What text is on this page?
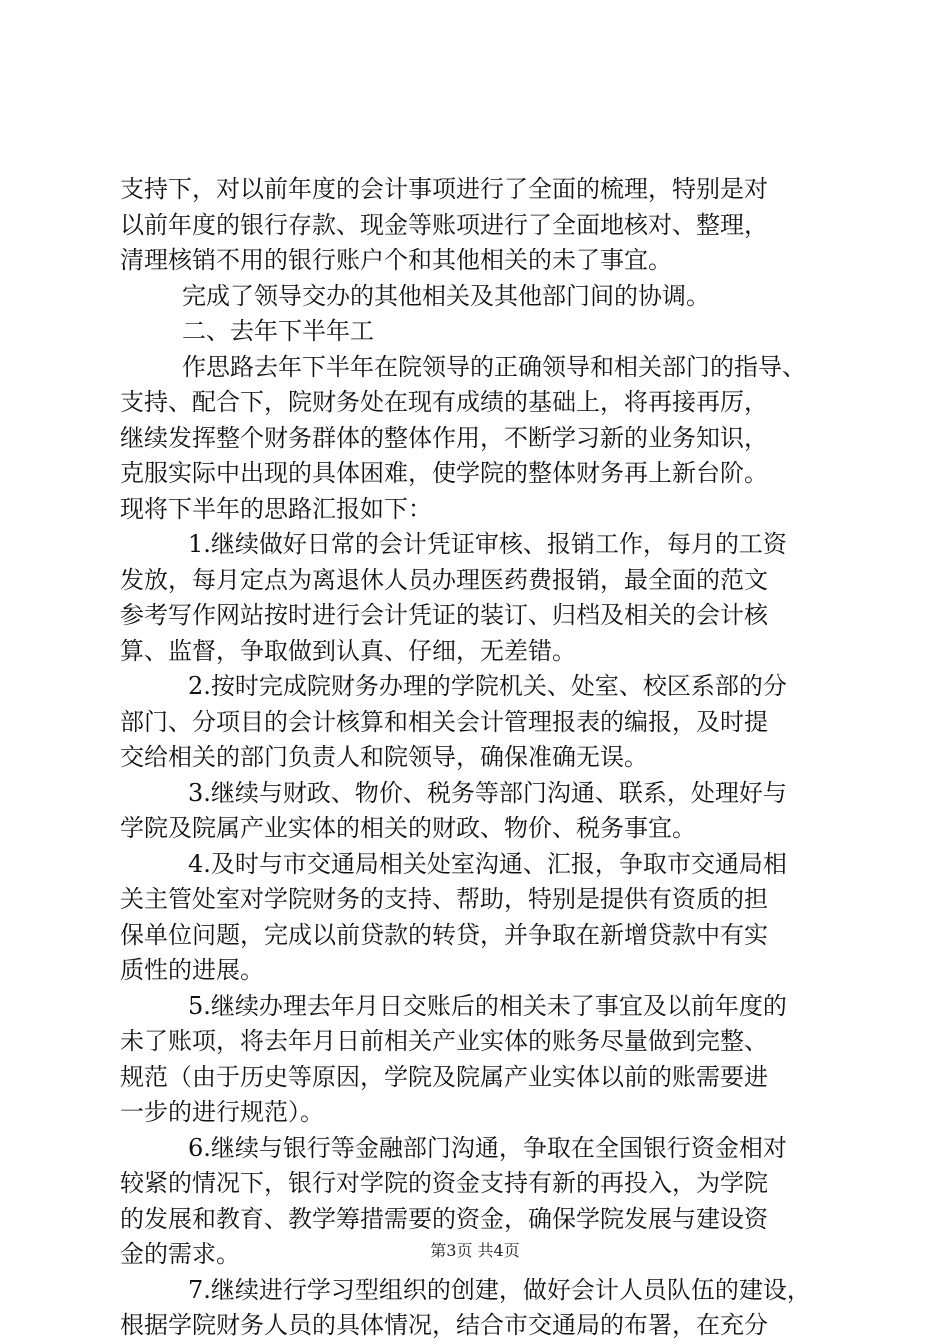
支持下，对以前年度的会计事项进行了全面的梳理，特别是对
以前年度的银行存款、现金等账项进行了全面地核对、整理，
清理核销不用的银行账户个和其他相关的未了事宜。
完成了领导交办的其他相关及其他部门间的协调。
二、去年下半年工
作思路去年下半年在院领导的正确领导和相关部门的指导、
支持、配合下，院财务处在现有成绩的基础上，将再接再厉，
继续发挥整个财务群体的整体作用，不断学习新的业务知识，
克服实际中出现的具体困难，使学院的整体财务再上新台阶。
现将下半年的思路汇报如下：
1.继续做好日常的会计凭证审核、报销工作，每月的工资
发放，每月定点为离退休人员办理医药费报销，最全面的范文
参考写作网站按时进行会计凭证的装订、归档及相关的会计核
算、监督，争取做到认真、仔细，无差错。
2.按时完成院财务办理的学院机关、处室、校区系部的分
部门、分项目的会计核算和相关会计管理报表的编报，及时提
交给相关的部门负责人和院领导，确保准确无误。
3.继续与财政、物价、税务等部门沟通、联系，处理好与
学院及院属产业实体的相关的财政、物价、税务事宜。
4.及时与市交通局相关处室沟通、汇报，争取市交通局相
关主管处室对学院财务的支持、帮助，特别是提供有资质的担
保单位问题，完成以前贷款的转贷，并争取在新增贷款中有实
质性的进展。
5.继续办理去年月日交账后的相关未了事宜及以前年度的
未了账项，将去年月日前相关产业实体的账务尽量做到完整、
规范（由于历史等原因，学院及院属产业实体以前的账需要进
一步的进行规范）。
6.继续与银行等金融部门沟通，争取在全国银行资金相对
较紧的情况下，银行对学院的资金支持有新的再投入，为学院
的发展和教育、教学筹措需要的资金，确保学院发展与建设资
金的需求。
7.继续进行学习型组织的创建，做好会计人员队伍的建设，
根据学院财务人员的具体情况，结合市交通局的布署，在充分
第3页 共4页
